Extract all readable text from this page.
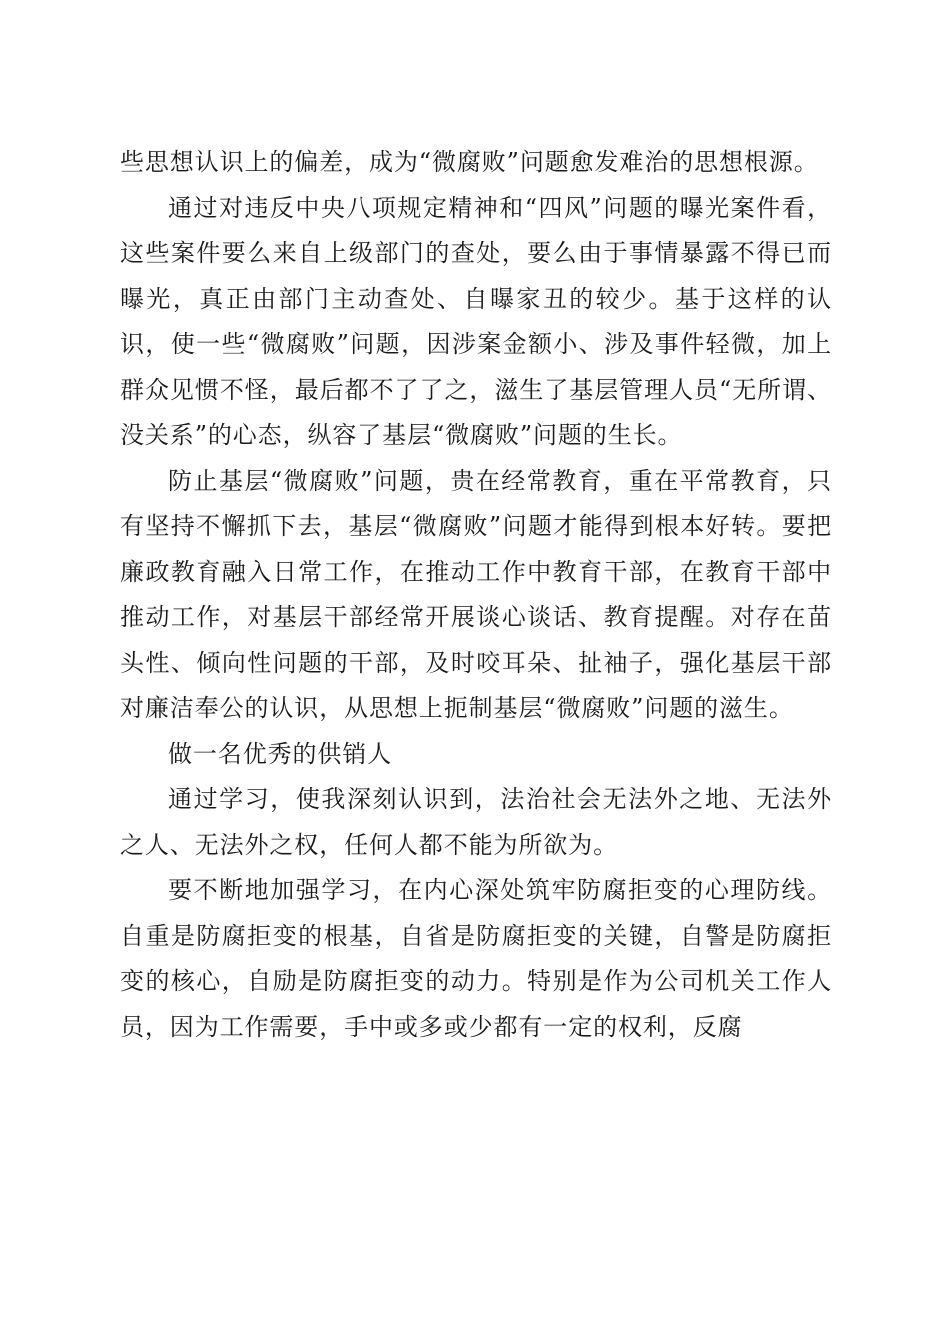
些思想认识上的偏差，成为“微腐败”问题愈发难治的思想根源。

通过对违反中央八项规定精神和“四风”问题的曝光案件看，这些案件要么来自上级部门的查处，要么由于事情暴露不得已而曝光，真正由部门主动查处、自曝家丑的较少。基于这样的认识，使一些“微腐败”问题，因涉案金额小、涉及事件轻微，加上群众见惯不怪，最后都不了了之，滋生了基层管理人员“无所谓、没关系”的心态，纵容了基层“微腐败”问题的生长。

防止基层“微腐败”问题，贵在经常教育，重在平常教育，只有坚持不懈抓下去，基层“微腐败”问题才能得到根本好转。要把廉政教育融入日常工作，在推动工作中教育干部，在教育干部中推动工作，对基层干部经常开展谈心谈话、教育提醒。对存在苗头性、倾向性问题的干部，及时咬耳朵、扯袖子，强化基层干部对廉洁奉公的认识，从思想上扼制基层“微腐败”问题的滋生。

做一名优秀的供销人

通过学习，使我深刻认识到，法治社会无法外之地、无法外之人、无法外之权，任何人都不能为所欲为。

要不断地加强学习，在内心深处筑牢防腐拒变的心理防线。自重是防腐拒变的根基，自省是防腐拒变的关键，自警是防腐拒变的核心，自励是防腐拒变的动力。特别是作为公司机关工作人员，因为工作需要，手中或多或少都有一定的权利，反腐
